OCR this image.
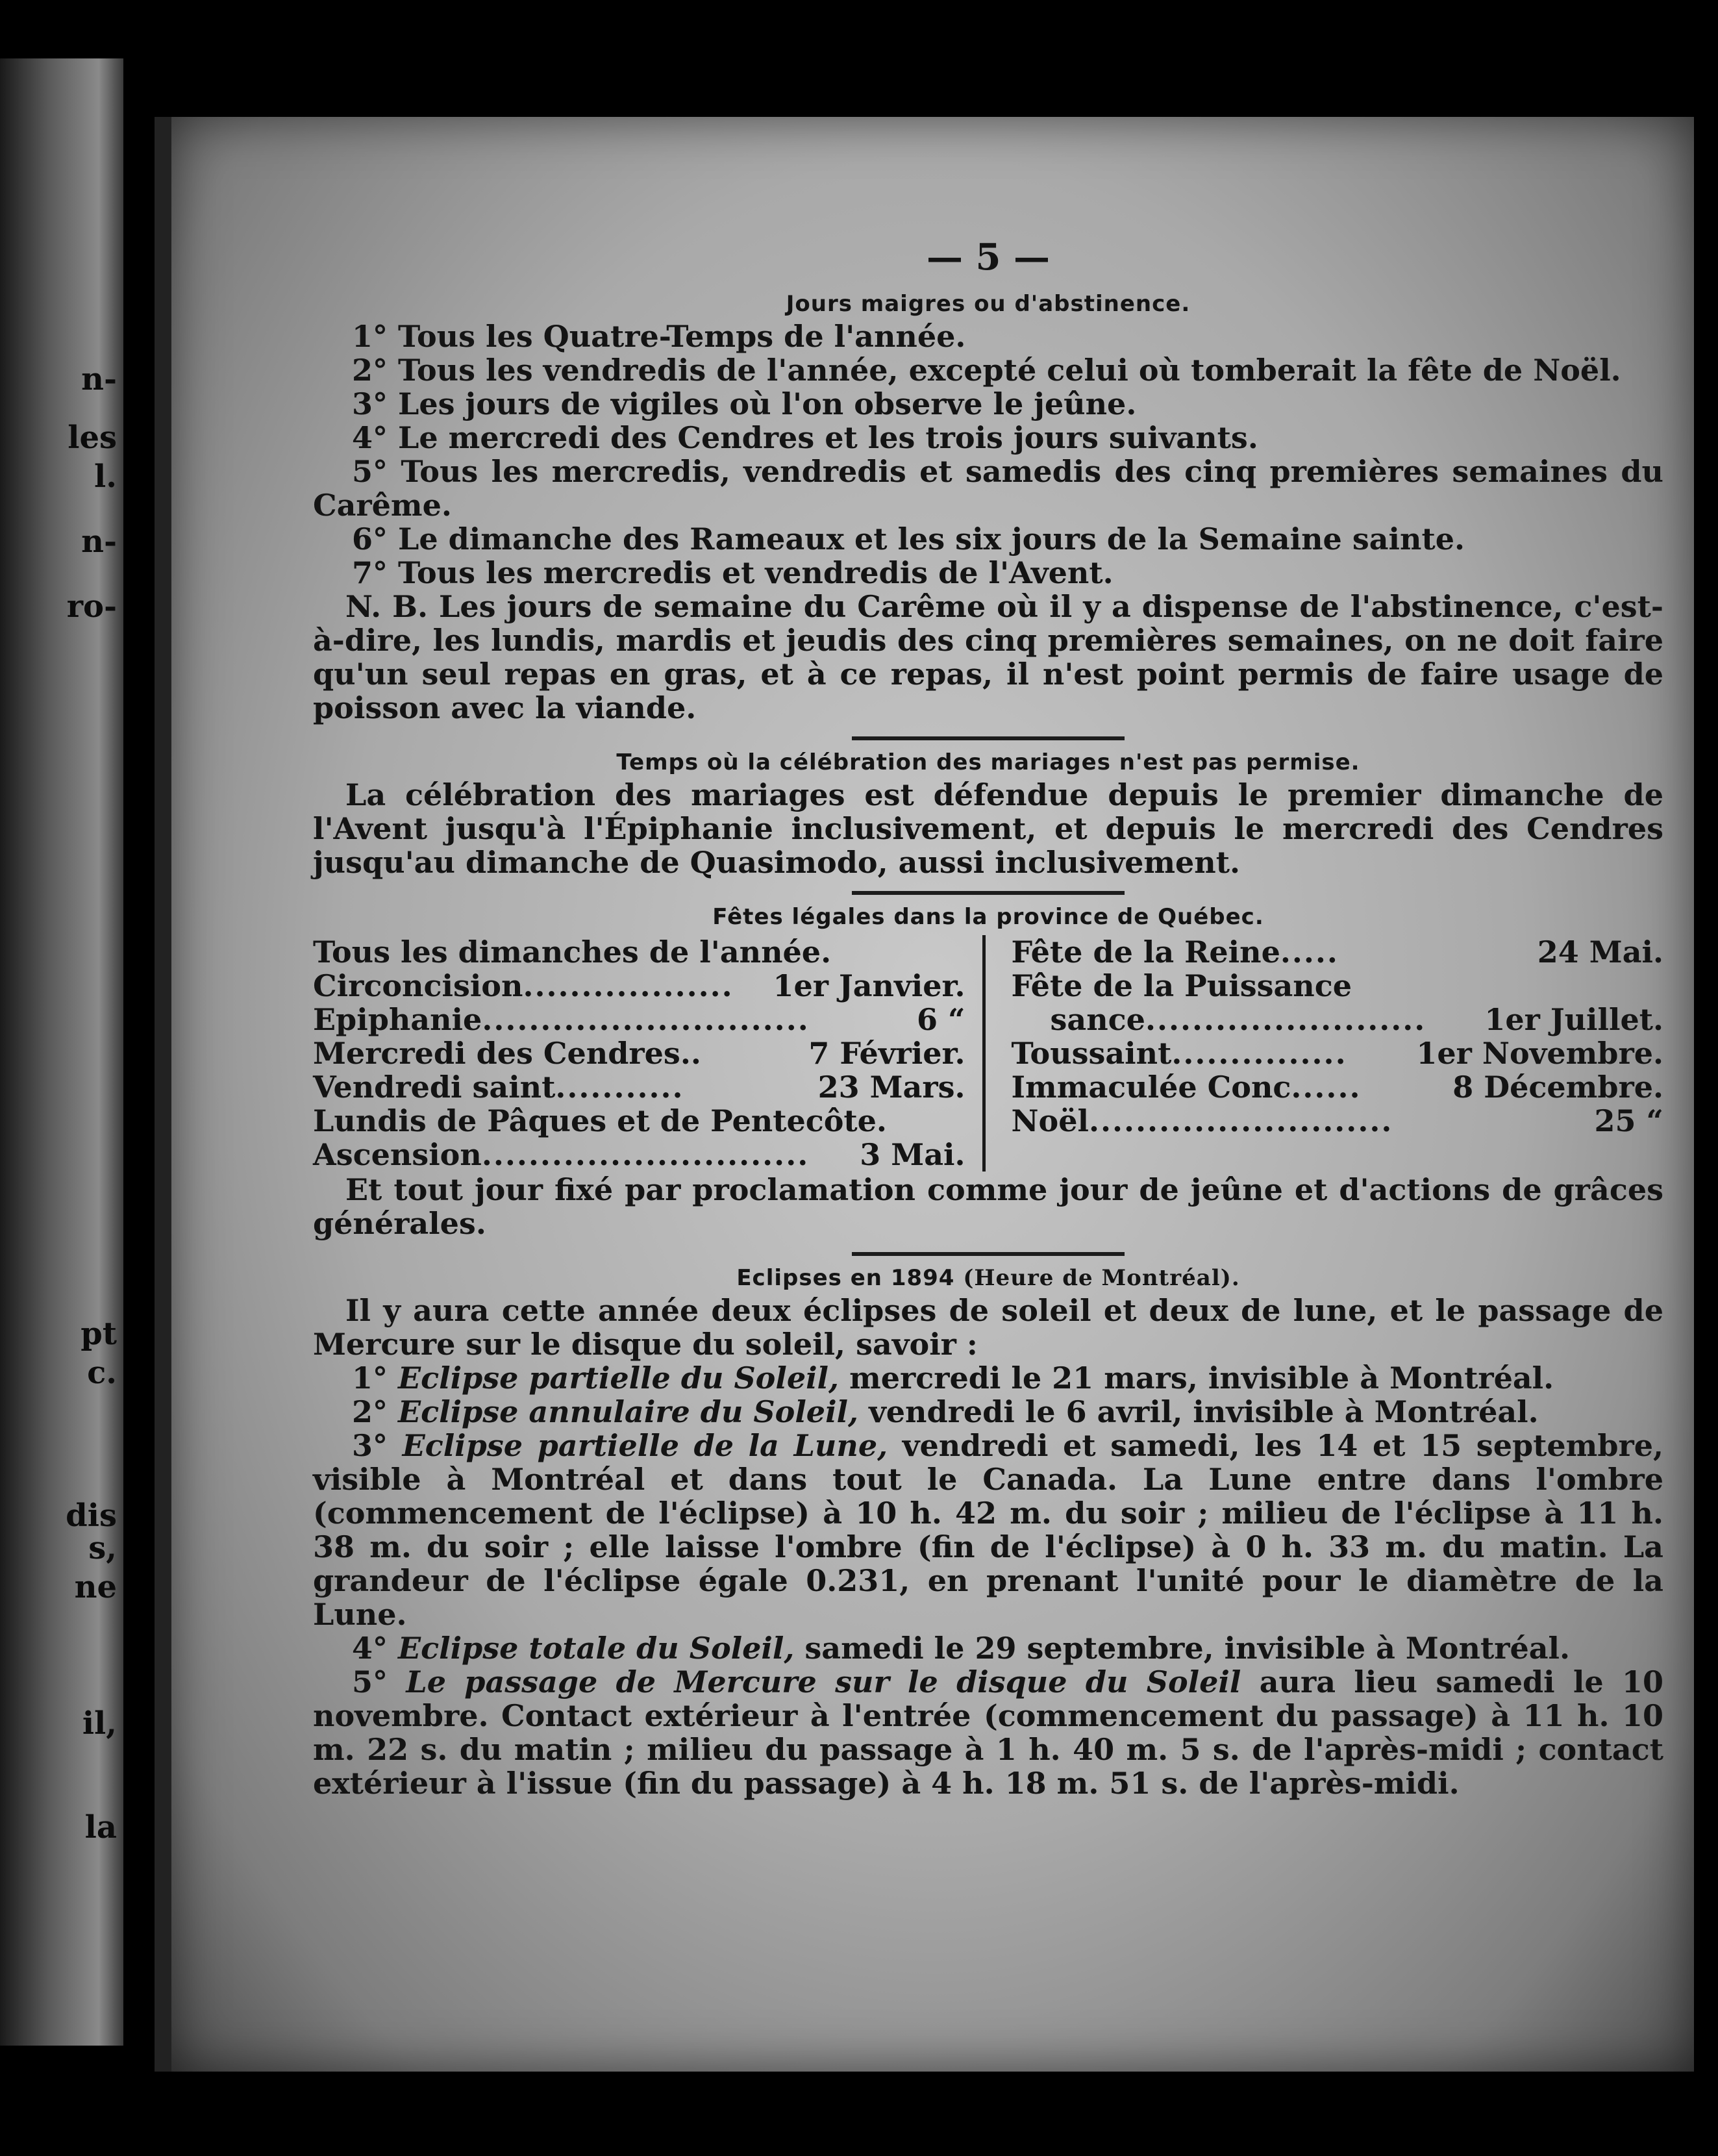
n-
les
l.
n-
ro-
pt
c.
dis
s,
ne
il,
la
— 5 —
Jours maigres ou d'abstinence.

1° Tous les Quatre-Temps de l'année.

2° Tous les vendredis de l'année, excepté celui où tomberait la fête de Noël.

3° Les jours de vigiles où l'on observe le jeûne.

4° Le mercredi des Cendres et les trois jours suivants.

5° Tous les mercredis, vendredis et samedis des cinq premières semaines du Carême.

6° Le dimanche des Rameaux et les six jours de la Semaine sainte.

7° Tous les mercredis et vendredis de l'Avent.

N. B. Les jours de semaine du Carême où il y a dispense de l'abstinence, c'est-à-dire, les lundis, mardis et jeudis des cinq premières semaines, on ne doit faire qu'un seul repas en gras, et à ce repas, il n'est point permis de faire usage de poisson avec la viande.

Temps où la célébration des mariages n'est pas permise.

La célébration des mariages est défendue depuis le premier dimanche de l'Avent jusqu'à l'Épiphanie inclusivement, et depuis le mercredi des Cendres jusqu'au dimanche de Quasimodo, aussi inclusivement.

Fêtes légales dans la province de Québec.
Tous les dimanches de l'année.
Circoncision ..................	1er Janvier.
Epiphanie ............................	6 “
Mercredi des Cendres..	7 Février.
Vendredi saint ...........	23 Mars.
Lundis de Pâques et de Pentecôte.
Ascension ............................	3 Mai.
Fête de la Reine .....	24 Mai.
Fête de la Puissance
sance ........................	1er Juillet.
Toussaint ...............	1er Novembre.
Immaculée Conc ......	8 Décembre.
Noël ..........................	25 “

Et tout jour fixé par proclamation comme jour de jeûne et d'actions de grâces générales.

Eclipses en 1894 (Heure de Montréal).

Il y aura cette année deux éclipses de soleil et deux de lune, et le passage de Mercure sur le disque du soleil, savoir :

1° Eclipse partielle du Soleil, mercredi le 21 mars, invisible à Montréal.

2° Eclipse annulaire du Soleil, vendredi le 6 avril, invisible à Montréal.

3° Eclipse partielle de la Lune, vendredi et samedi, les 14 et 15 septembre, visible à Montréal et dans tout le Canada. La Lune entre dans l'ombre (commencement de l'éclipse) à 10 h. 42 m. du soir ; milieu de l'éclipse à 11 h. 38 m. du soir ; elle laisse l'ombre (fin de l'éclipse) à 0 h. 33 m. du matin. La grandeur de l'éclipse égale 0.231, en prenant l'unité pour le diamètre de la Lune.

4° Eclipse totale du Soleil, samedi le 29 septembre, invisible à Montréal.

5° Le passage de Mercure sur le disque du Soleil aura lieu samedi le 10 novembre. Contact extérieur à l'entrée (commencement du passage) à 11 h. 10 m. 22 s. du matin ; milieu du passage à 1 h. 40 m. 5 s. de l'après-midi ; contact extérieur à l'issue (fin du passage) à 4 h. 18 m. 51 s. de l'après-midi.
